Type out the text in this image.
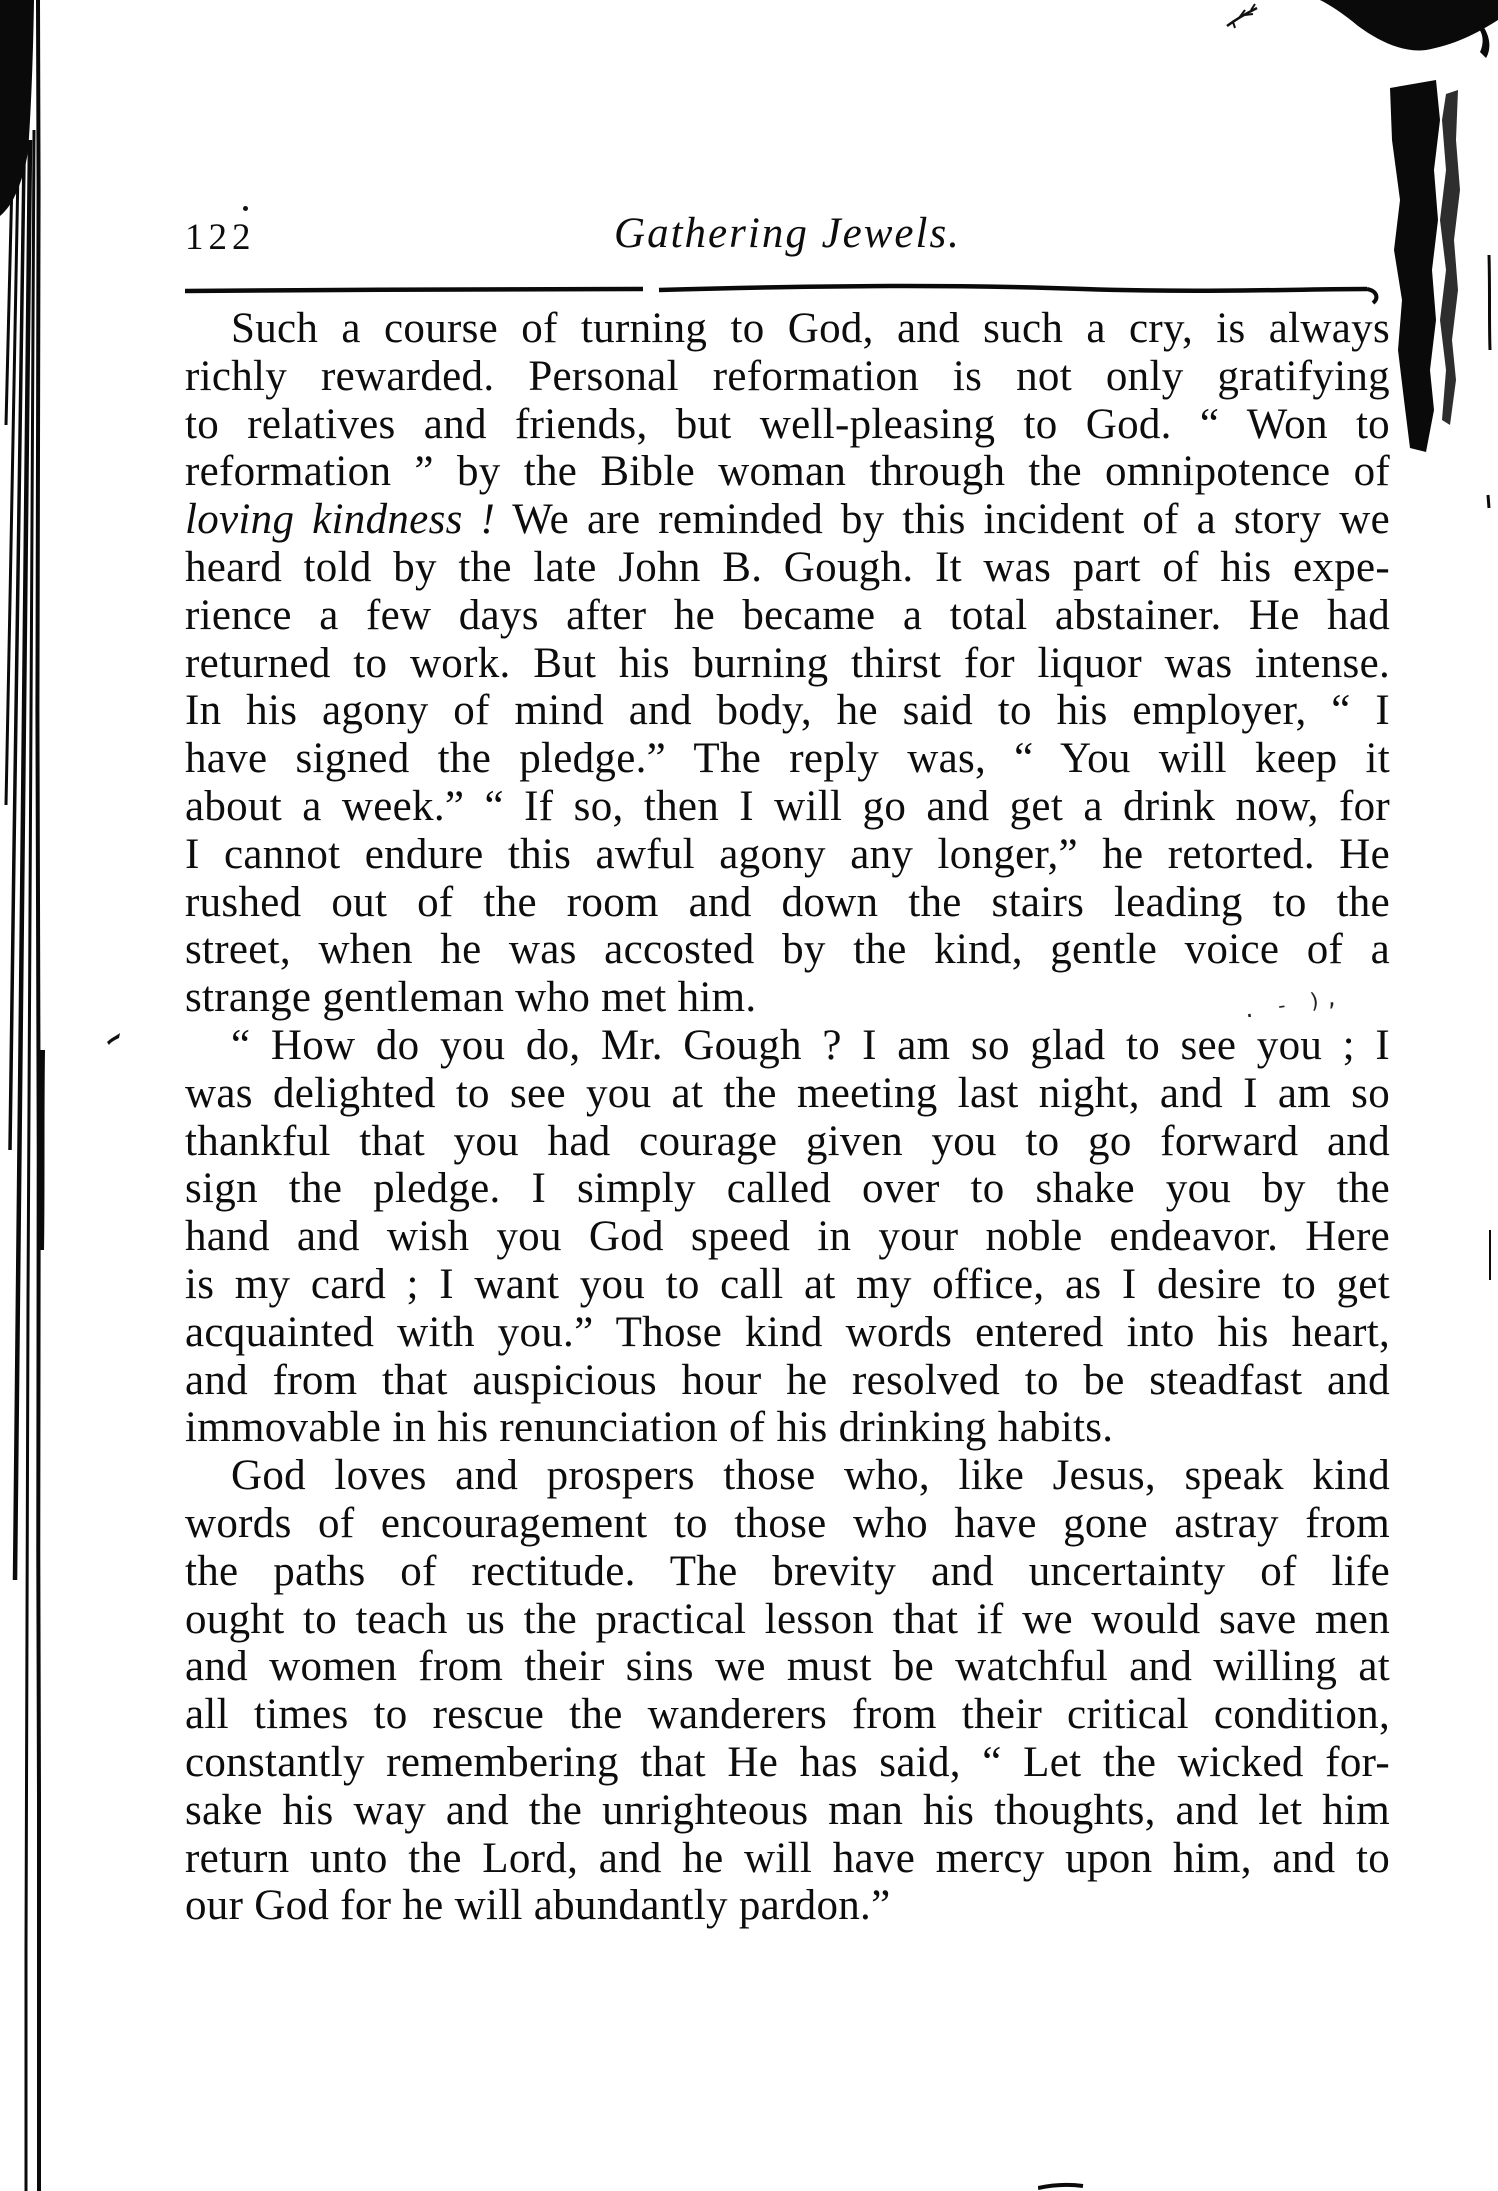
122	Gathering Jewels.
Such a course of turning to God, and such a cry, is always
richly rewarded. Personal reformation is not only gratifying
to relatives and friends, but well-pleasing to God. “ Won to
reformation ” by the Bible woman through the omnipotence of
loving kindness ! We are reminded by this incident of a story we
heard told by the late John B. Gough. It was part of his expe-
rience a few days after he became a total abstainer. He had
returned to work. But his burning thirst for liquor was intense.
In his agony of mind and body, he said to his employer, “ I
have signed the pledge.” The reply was, “ You will keep it
about a week.” “ If so, then I will go and get a drink now, for
I cannot endure this awful agony any longer,” he retorted. He
rushed out of the room and down the stairs leading to the
street, when he was accosted by the kind, gentle voice of a
strange gentleman who met him.
“ How do you do, Mr. Gough ? I am so glad to see you ; I
was delighted to see you at the meeting last night, and I am so
thankful that you had courage given you to go forward and
sign the pledge. I simply called over to shake you by the
hand and wish you God speed in your noble endeavor. Here
is my card ; I want you to call at my office, as I desire to get
acquainted with you.” Those kind words entered into his heart,
and from that auspicious hour he resolved to be steadfast and
immovable in his renunciation of his drinking habits.
God loves and prospers those who, like Jesus, speak kind
words of encouragement to those who have gone astray from
the paths of rectitude. The brevity and uncertainty of life
ought to teach us the practical lesson that if we would save men
and women from their sins we must be watchful and willing at
all times to rescue the wanderers from their critical condition,
constantly remembering that He has said, “ Let the wicked for-
sake his way and the unrighteous man his thoughts, and let him
return unto the Lord, and he will have mercy upon him, and to
our God for he will abundantly pardon.”
. - ),
